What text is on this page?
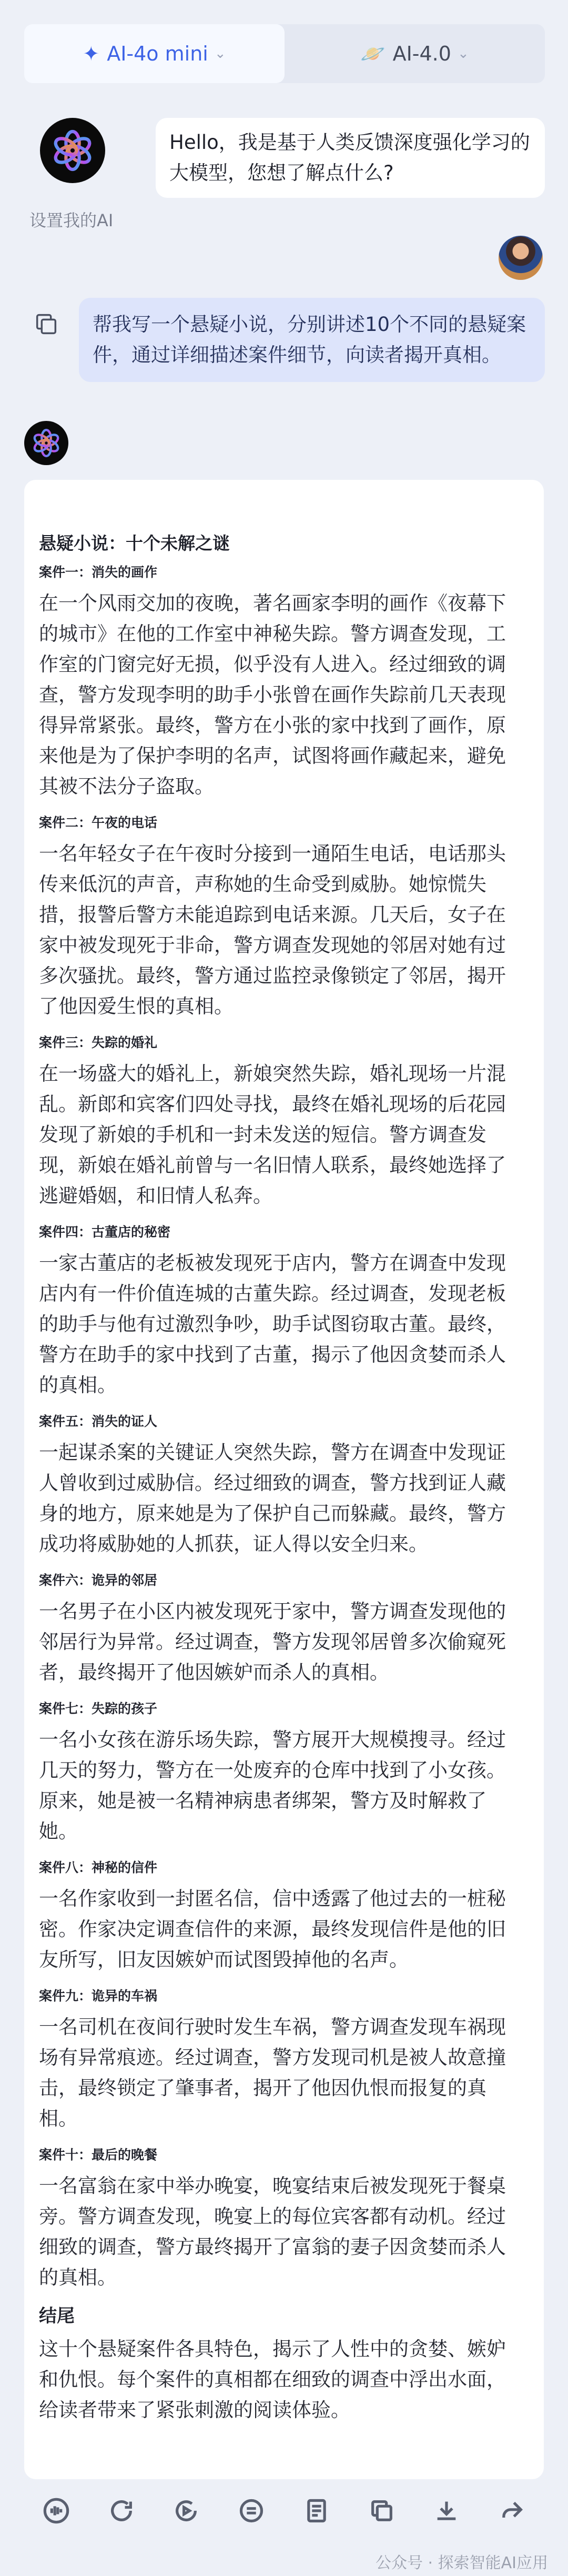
✦ AI-4o mini ⌄	🪐 AI-4.0 ⌄
设置我的AI
Hello，我是基于人类反馈深度强化学习的大模型，您想了解点什么?
帮我写一个悬疑小说，分别讲述10个不同的悬疑案件，通过详细描述案件细节，向读者揭开真相。
悬疑小说：十个未解之谜
案件一：消失的画作
在一个风雨交加的夜晚，著名画家李明的画作《夜幕下的城市》在他的工作室中神秘失踪。警方调查发现，工作室的门窗完好无损，似乎没有人进入。经过细致的调查，警方发现李明的助手小张曾在画作失踪前几天表现得异常紧张。最终，警方在小张的家中找到了画作，原来他是为了保护李明的名声，试图将画作藏起来，避免其被不法分子盗取。
案件二：午夜的电话
一名年轻女子在午夜时分接到一通陌生电话，电话那头传来低沉的声音，声称她的生命受到威胁。她惊慌失措，报警后警方未能追踪到电话来源。几天后，女子在家中被发现死于非命，警方调查发现她的邻居对她有过多次骚扰。最终，警方通过监控录像锁定了邻居，揭开了他因爱生恨的真相。
案件三：失踪的婚礼
在一场盛大的婚礼上，新娘突然失踪，婚礼现场一片混乱。新郎和宾客们四处寻找，最终在婚礼现场的后花园发现了新娘的手机和一封未发送的短信。警方调查发现，新娘在婚礼前曾与一名旧情人联系，最终她选择了逃避婚姻，和旧情人私奔。
案件四：古董店的秘密
一家古董店的老板被发现死于店内，警方在调查中发现店内有一件价值连城的古董失踪。经过调查，发现老板的助手与他有过激烈争吵，助手试图窃取古董。最终，警方在助手的家中找到了古董，揭示了他因贪婪而杀人的真相。
案件五：消失的证人
一起谋杀案的关键证人突然失踪，警方在调查中发现证人曾收到过威胁信。经过细致的调查，警方找到证人藏身的地方，原来她是为了保护自己而躲藏。最终，警方成功将威胁她的人抓获，证人得以安全归来。
案件六：诡异的邻居
一名男子在小区内被发现死于家中，警方调查发现他的邻居行为异常。经过调查，警方发现邻居曾多次偷窥死者，最终揭开了他因嫉妒而杀人的真相。
案件七：失踪的孩子
一名小女孩在游乐场失踪，警方展开大规模搜寻。经过几天的努力，警方在一处废弃的仓库中找到了小女孩。原来，她是被一名精神病患者绑架，警方及时解救了她。
案件八：神秘的信件
一名作家收到一封匿名信，信中透露了他过去的一桩秘密。作家决定调查信件的来源，最终发现信件是他的旧友所写，旧友因嫉妒而试图毁掉他的名声。
案件九：诡异的车祸
一名司机在夜间行驶时发生车祸，警方调查发现车祸现场有异常痕迹。经过调查，警方发现司机是被人故意撞击，最终锁定了肇事者，揭开了他因仇恨而报复的真相。
案件十：最后的晚餐
一名富翁在家中举办晚宴，晚宴结束后被发现死于餐桌旁。警方调查发现，晚宴上的每位宾客都有动机。经过细致的调查，警方最终揭开了富翁的妻子因贪婪而杀人的真相。
结尾
这十个悬疑案件各具特色，揭示了人性中的贪婪、嫉妒和仇恨。每个案件的真相都在细致的调查中浮出水面，给读者带来了紧张刺激的阅读体验。
公众号 · 探索智能AI应用
